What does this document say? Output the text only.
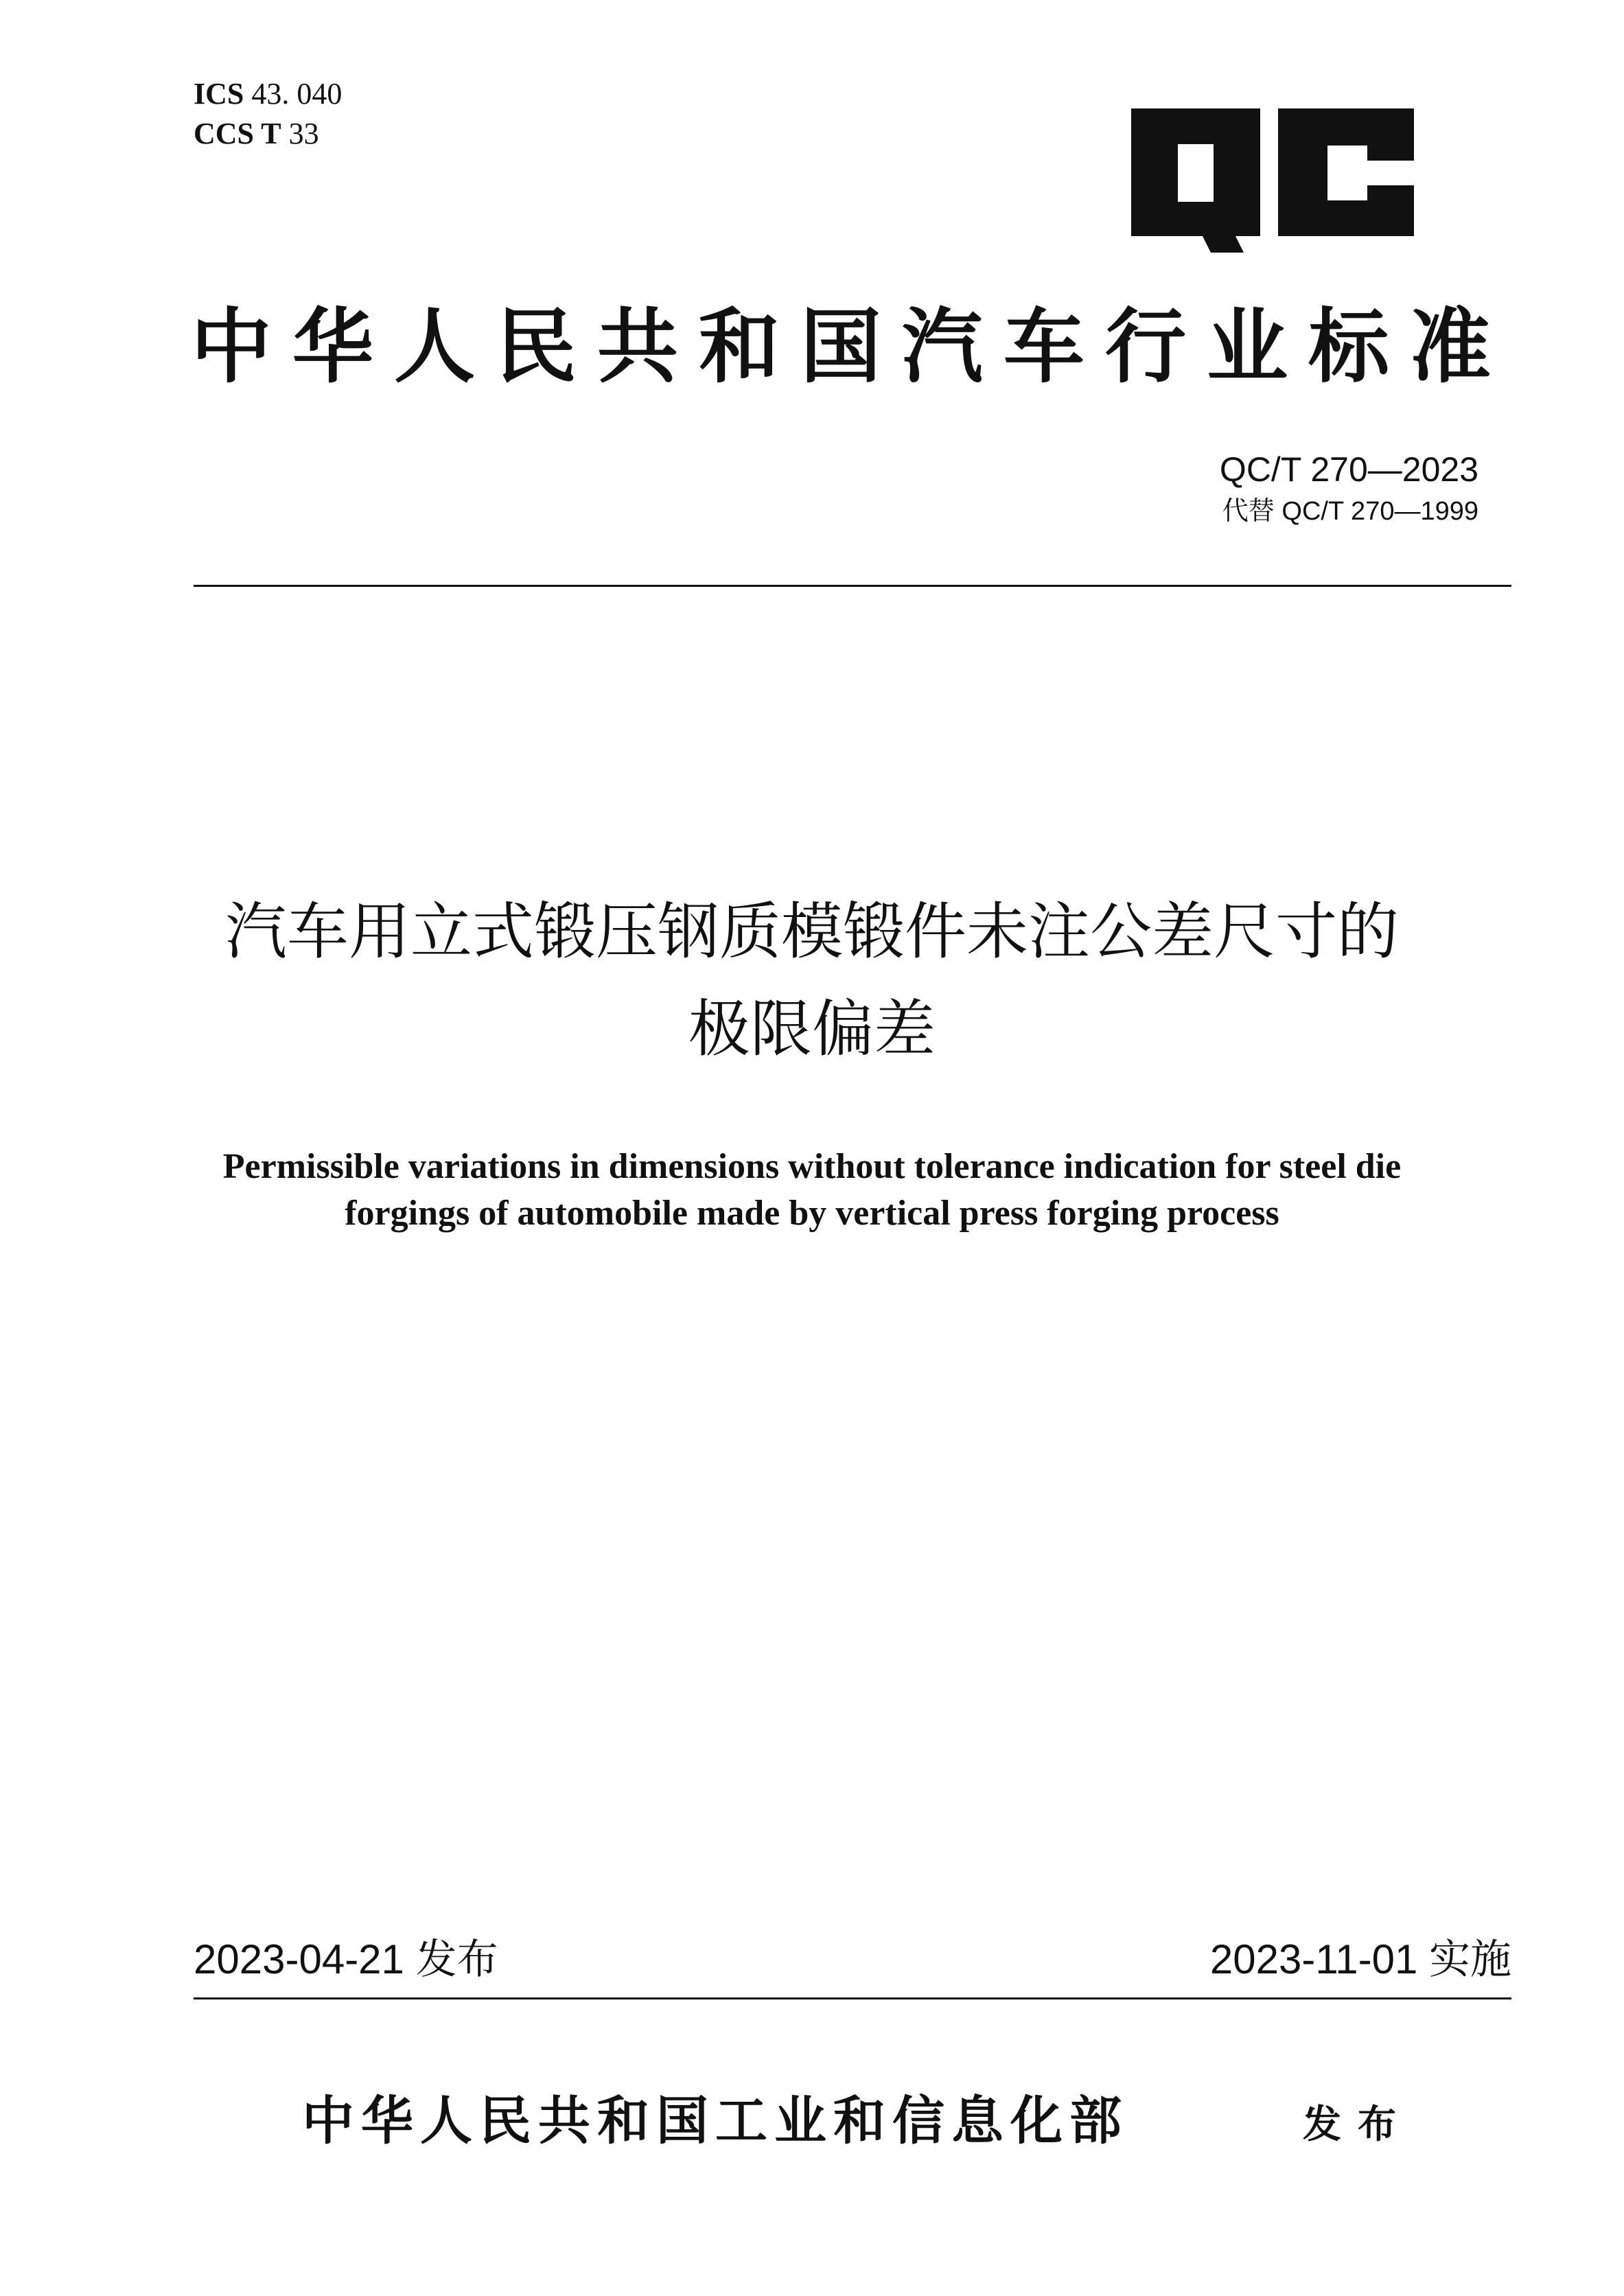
ICS 43. 040
CCS T 33
中华人民共和国汽车行业标准
QC/T 270—2023
代替 QC/T 270—1999
汽车用立式锻压钢质模锻件未注公差尺寸的
极限偏差
Permissible variations in dimensions without tolerance indication for steel die
forgings of automobile made by vertical press forging process
2023-04-21 发布	2023-11-01 实施
中华人民共和国工业和信息化部	发布
